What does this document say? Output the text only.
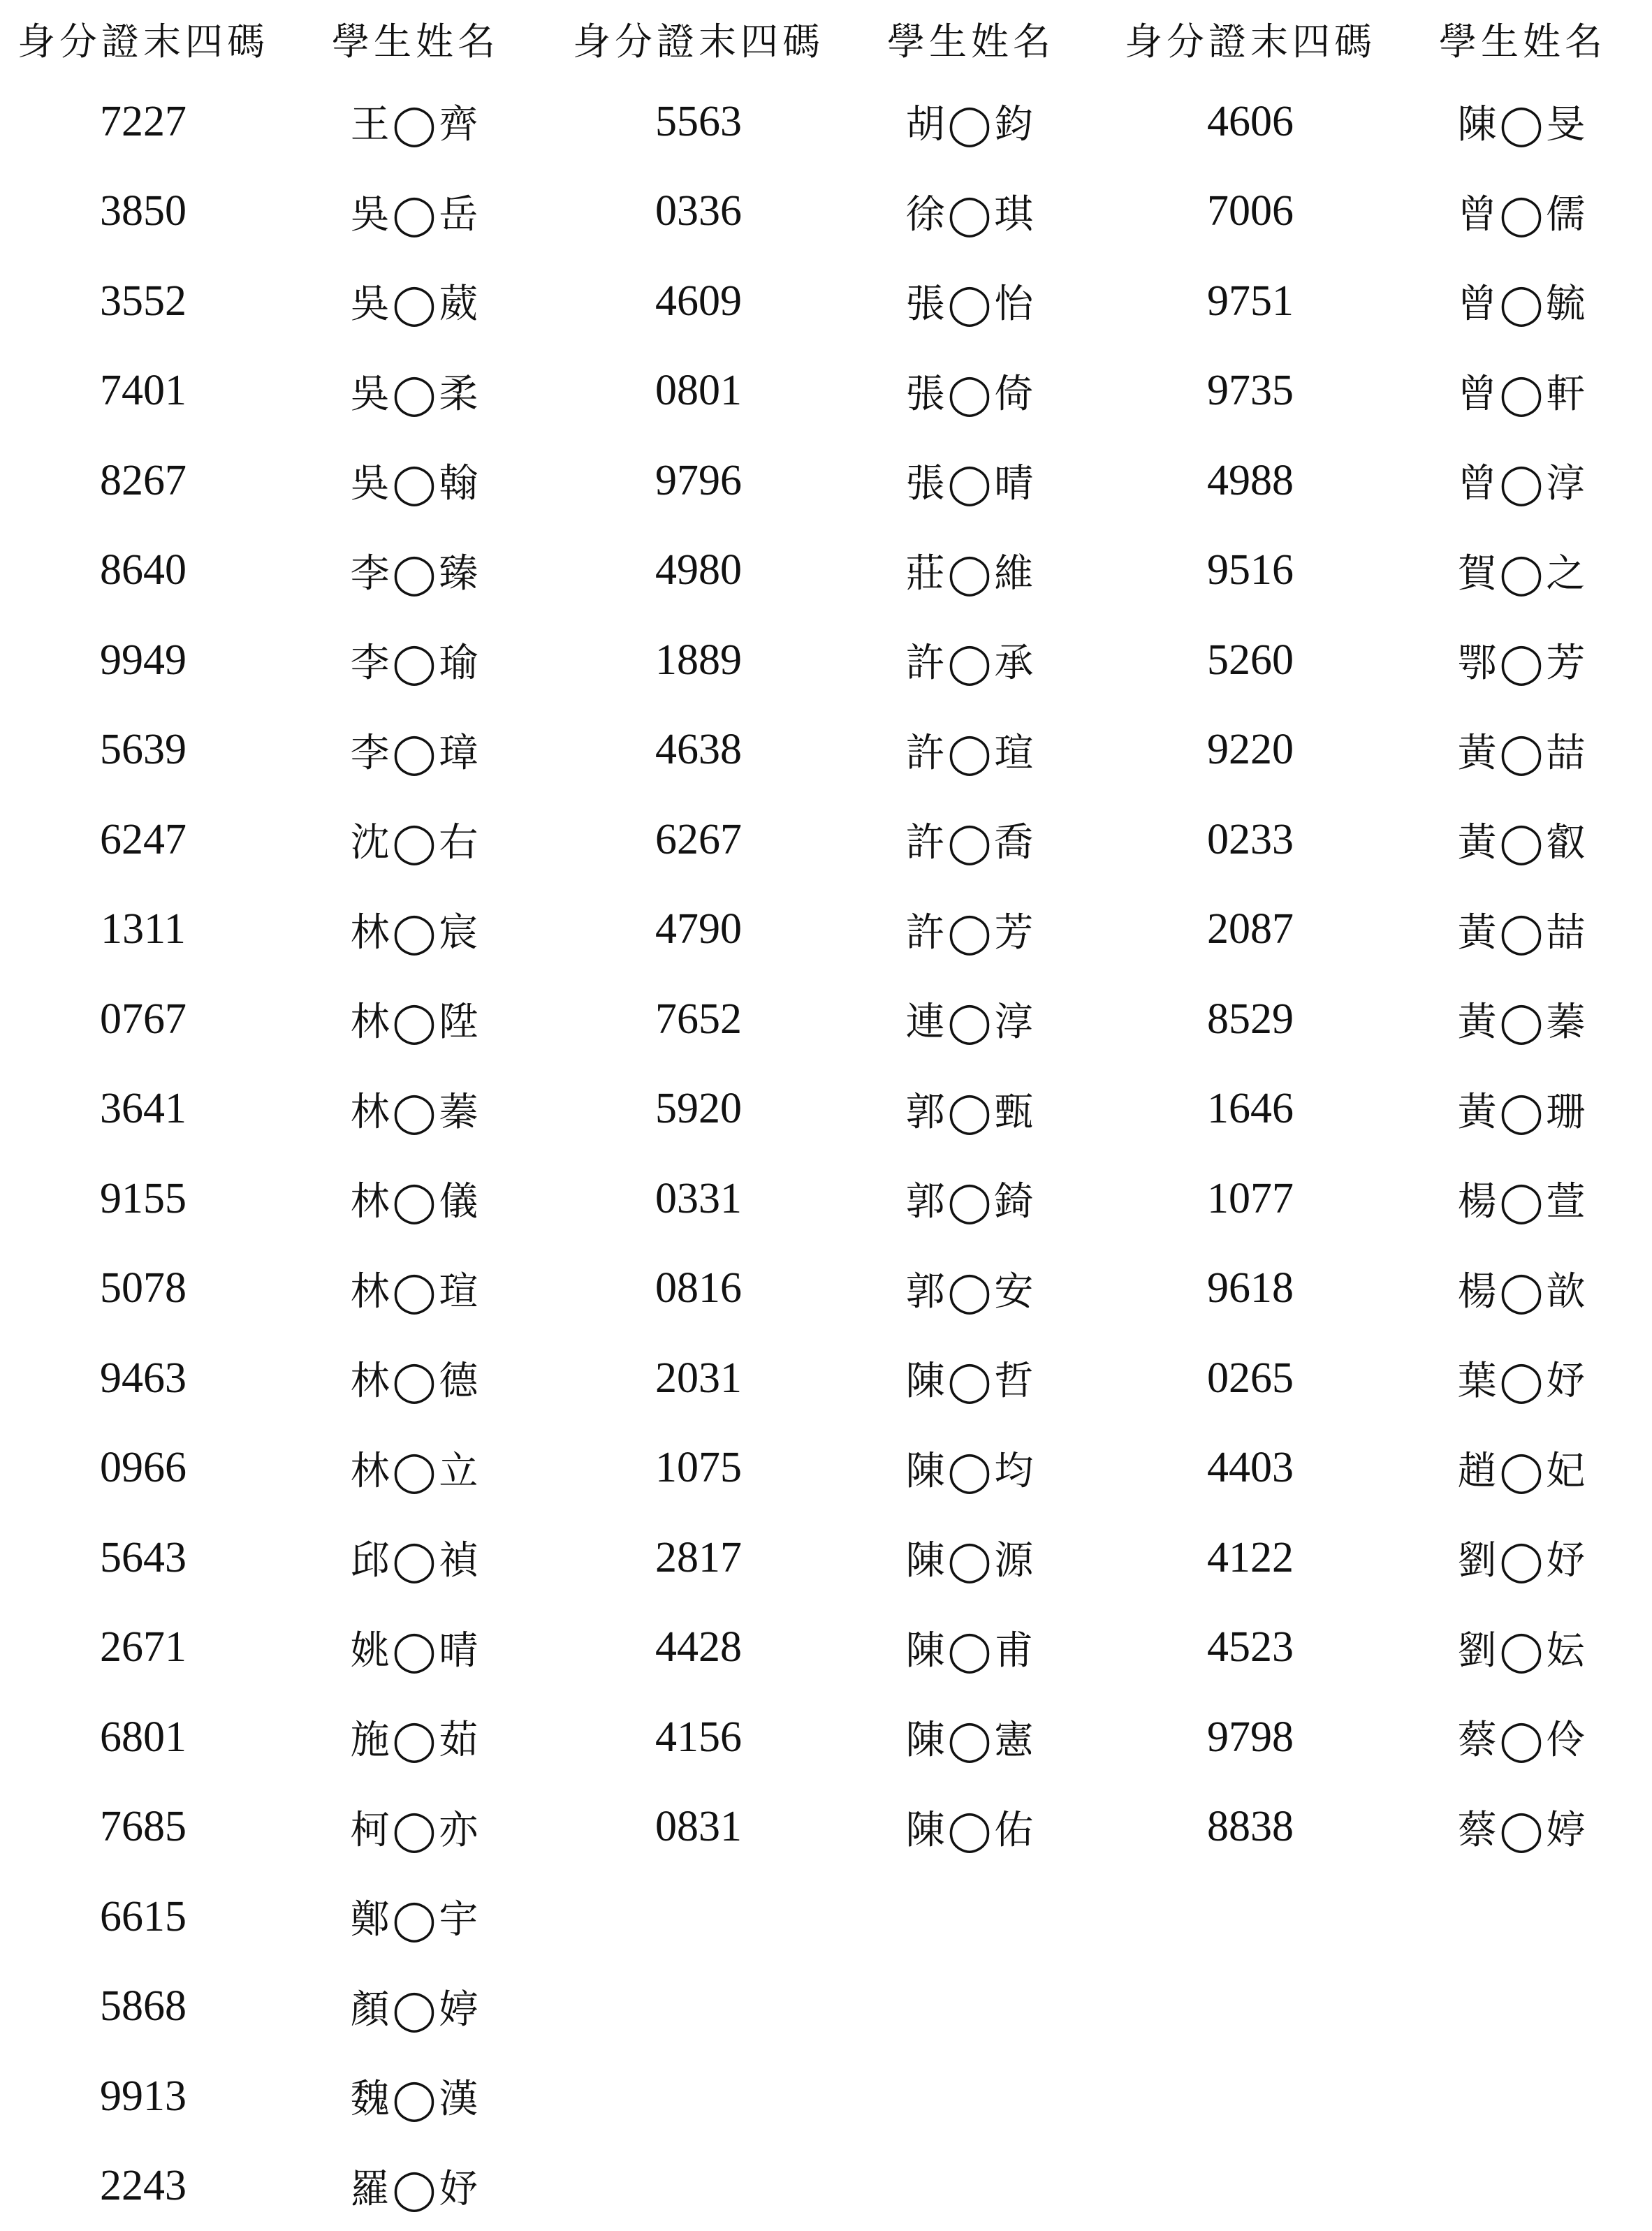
身分證末四碼	學生姓名
7227	王◯齊
3850	吳◯岳
3552	吳◯葳
7401	吳◯柔
8267	吳◯翰
8640	李◯臻
9949	李◯瑜
5639	李◯璋
6247	沈◯右
1311	林◯宸
0767	林◯陞
3641	林◯蓁
9155	林◯儀
5078	林◯瑄
9463	林◯德
0966	林◯立
5643	邱◯禎
2671	姚◯晴
6801	施◯茹
7685	柯◯亦
6615	鄭◯宇
5868	顏◯婷
9913	魏◯漢
2243	羅◯妤
身分證末四碼	學生姓名
5563	胡◯鈞
0336	徐◯琪
4609	張◯怡
0801	張◯倚
9796	張◯晴
4980	莊◯維
1889	許◯承
4638	許◯瑄
6267	許◯喬
4790	許◯芳
7652	連◯淳
5920	郭◯甄
0331	郭◯錡
0816	郭◯安
2031	陳◯哲
1075	陳◯均
2817	陳◯源
4428	陳◯甫
4156	陳◯憲
0831	陳◯佑
身分證末四碼	學生姓名
4606	陳◯旻
7006	曾◯儒
9751	曾◯毓
9735	曾◯軒
4988	曾◯淳
9516	賀◯之
5260	鄂◯芳
9220	黃◯喆
0233	黃◯叡
2087	黃◯喆
8529	黃◯蓁
1646	黃◯珊
1077	楊◯萱
9618	楊◯歆
0265	葉◯妤
4403	趙◯妃
4122	劉◯妤
4523	劉◯妘
9798	蔡◯伶
8838	蔡◯婷
